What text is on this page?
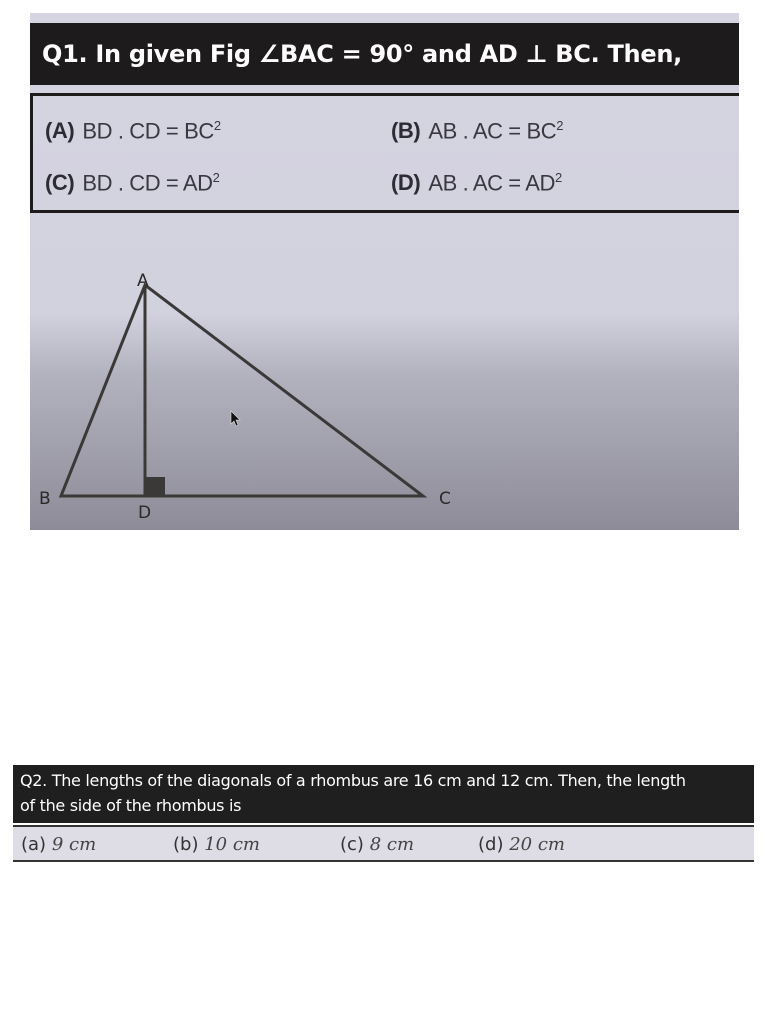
Q1. In given Fig ∠BAC = 90° and AD ⊥ BC. Then,
(A) BD . CD = $BC^2$	(B) AB . AC = $BC^2$
(C) BD . CD = $AD^2$	(D) AB . AC = $AD^2$
A
B	C
D
Q2. The lengths of the diagonals of a rhombus are 16 cm and 12 cm. Then, the length
of the side of the rhombus is
(a) 9 cm	(b) 10 cm	(c) 8 cm	(d) 20 cm
